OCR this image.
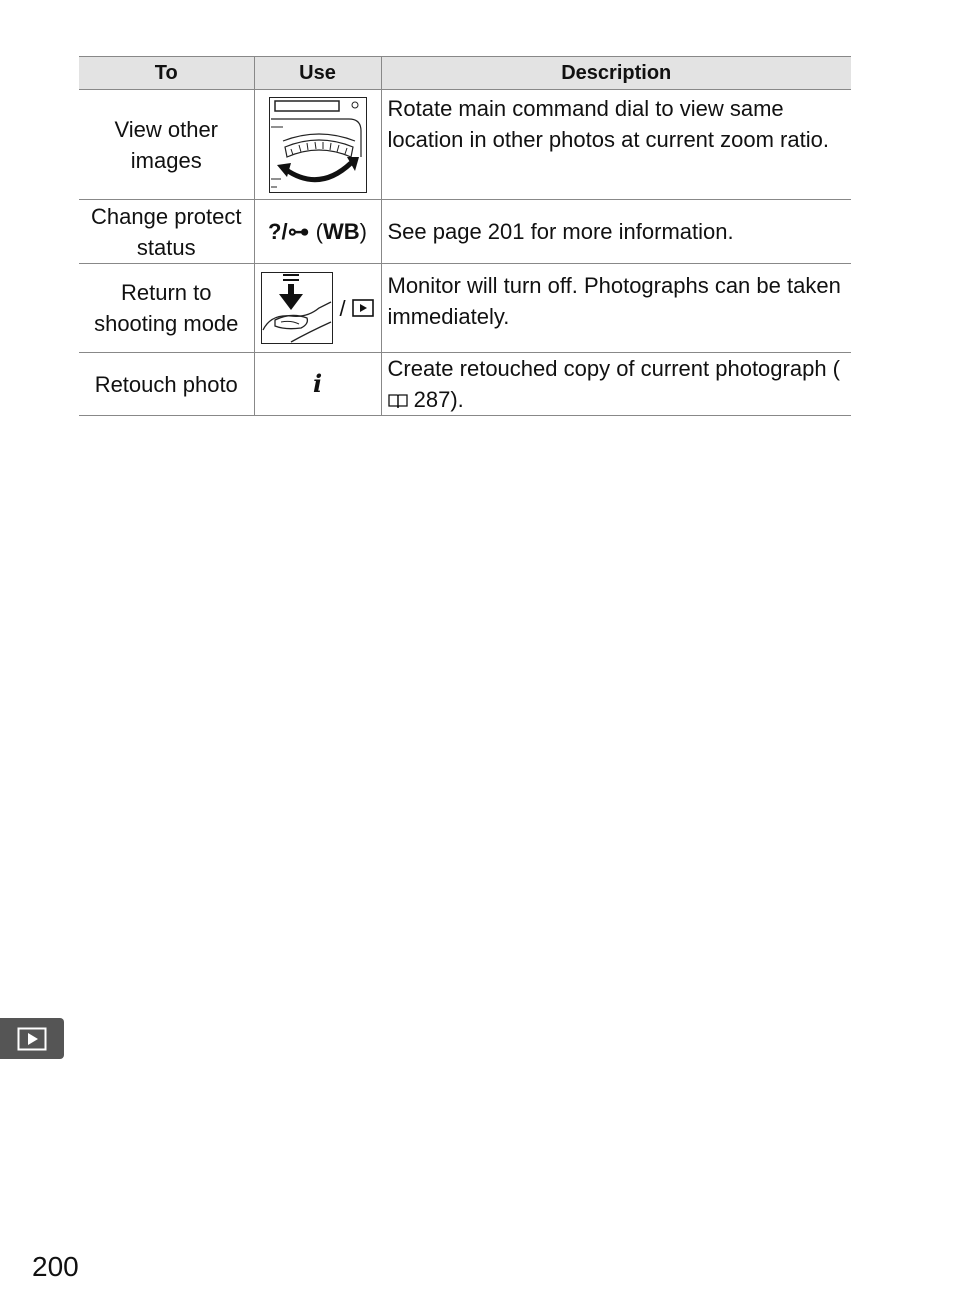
To	Use	Description
View other images		Rotate main command dial to view same location in other photos at current zoom ratio.
Change protect status	?/⊶ (WB)	See page 201 for more information.
Return to shooting mode	/	Monitor will turn off. Photographs can be taken immediately.
Retouch photo	i	Create retouched copy of current photograph ( 287).
200
